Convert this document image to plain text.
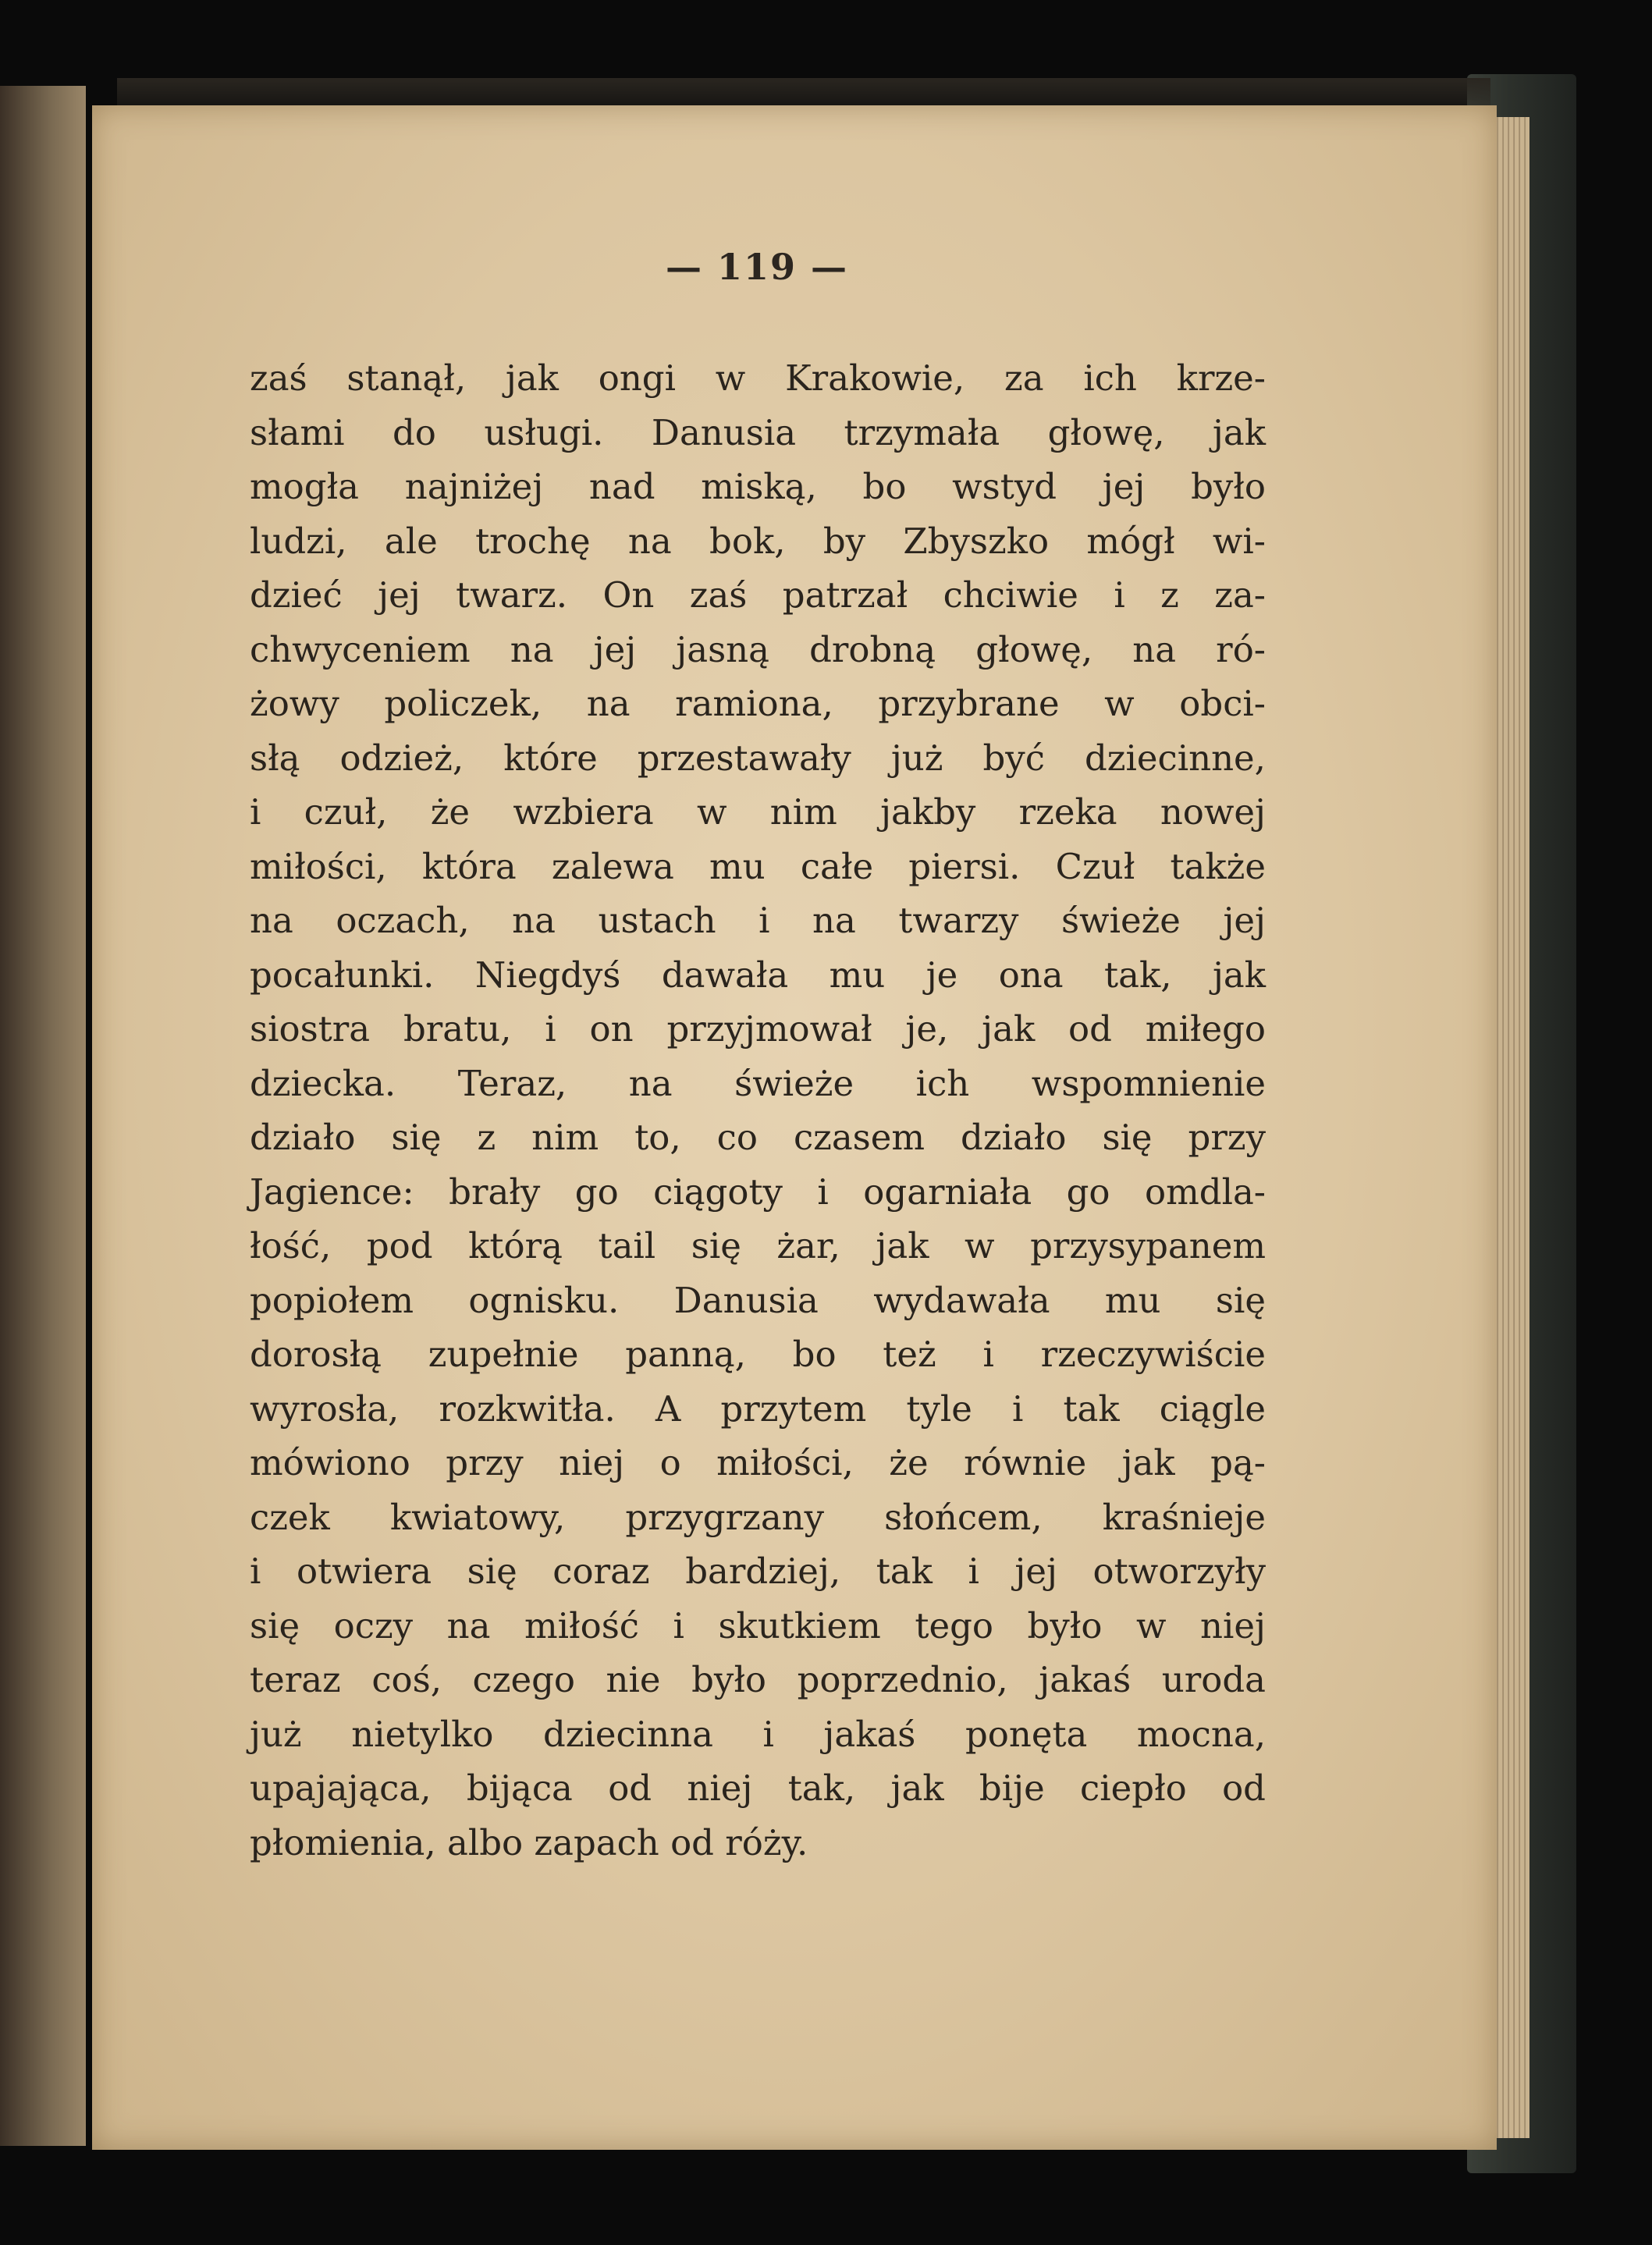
— 119 —
zaś stanął, jak ongi w Krakowie, za ich krze-
słami do usługi. Danusia trzymała głowę, jak
mogła najniżej nad miską, bo wstyd jej było
ludzi, ale trochę na bok, by Zbyszko mógł wi-
dzieć jej twarz. On zaś patrzał chciwie i z za-
chwyceniem na jej jasną drobną głowę, na ró-
żowy policzek, na ramiona, przybrane w obci-
słą odzież, które przestawały już być dziecinne,
i czuł, że wzbiera w nim jakby rzeka nowej
miłości, która zalewa mu całe piersi. Czuł także
na oczach, na ustach i na twarzy świeże jej
pocałunki. Niegdyś dawała mu je ona tak, jak
siostra bratu, i on przyjmował je, jak od miłego
dziecka. Teraz, na świeże ich wspomnienie
działo się z nim to, co czasem działo się przy
Jagience: brały go ciągoty i ogarniała go omdla-
łość, pod którą tail się żar, jak w przysypanem
popiołem ognisku. Danusia wydawała mu się
dorosłą zupełnie panną, bo też i rzeczywiście
wyrosła, rozkwitła. A przytem tyle i tak ciągle
mówiono przy niej o miłości, że równie jak pą-
czek kwiatowy, przygrzany słońcem, kraśnieje
i otwiera się coraz bardziej, tak i jej otworzyły
się oczy na miłość i skutkiem tego było w niej
teraz coś, czego nie było poprzednio, jakaś uroda
już nietylko dziecinna i jakaś ponęta mocna,
upajająca, bijąca od niej tak, jak bije ciepło od
płomienia, albo zapach od róży.
